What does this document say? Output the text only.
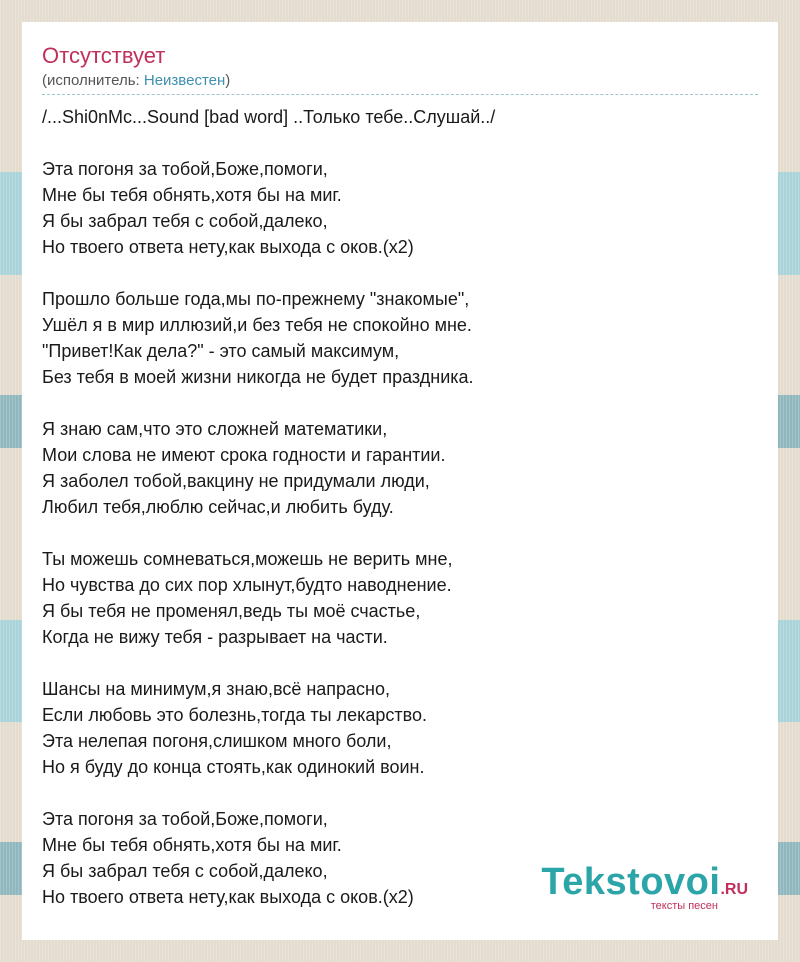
Отсутствует
(исполнитель: Неизвестен)
/...Shi0nMc...Sound [bad word] ..Только тебе..Слушай../
Эта погоня за тобой,Боже,помоги,
Мне бы тебя обнять,хотя бы на миг.
Я бы забрал тебя с собой,далеко,
Но твоего ответа нету,как выхода с оков.(x2)
Прошло больше года,мы по-прежнему "знакомые",
Ушёл я в мир иллюзий,и без тебя не спокойно мне.
"Привет!Как дела?" - это самый максимум,
Без тебя в моей жизни никогда не будет праздника.
Я знаю сам,что это сложней математики,
Мои слова не имеют срока годности и гарантии.
Я заболел тобой,вакцину не придумали люди,
Любил тебя,люблю сейчас,и любить буду.
Ты можешь сомневаться,можешь не верить мне,
Но чувства до сих пор хлынут,будто наводнение.
Я бы тебя не променял,ведь ты моё счастье,
Когда не вижу тебя - разрывает на части.
Шансы на минимум,я знаю,всё напрасно,
Если любовь это болезнь,тогда ты лекарство.
Эта нелепая погоня,слишком много боли,
Но я буду до конца стоять,как одинокий воин.
Эта погоня за тобой,Боже,помоги,
Мне бы тебя обнять,хотя бы на миг.
Я бы забрал тебя с собой,далеко,
Но твоего ответа нету,как выхода с оков.(x2)	Tekstovoi.RU
тексты песен
